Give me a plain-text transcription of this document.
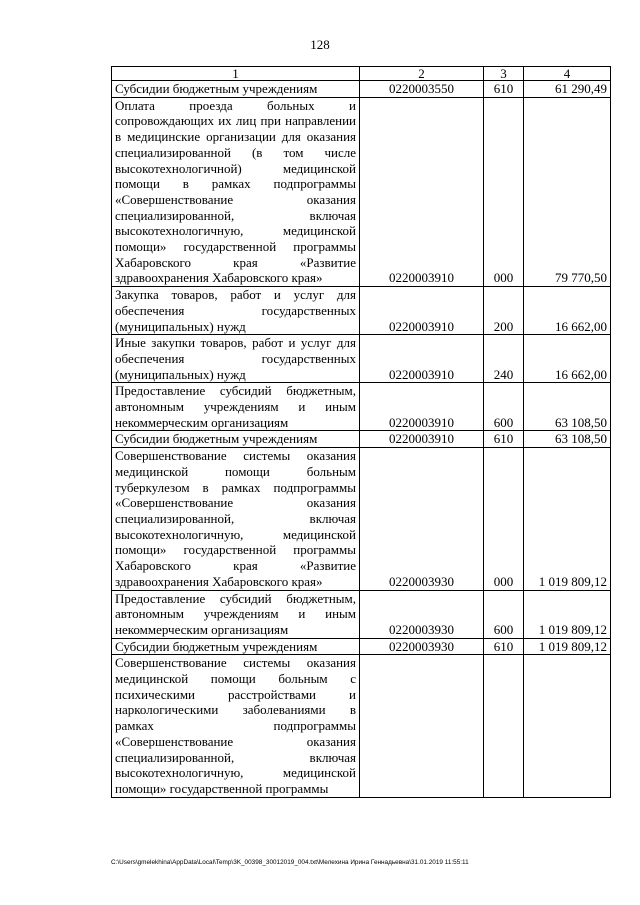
128
1	2	3	4
Субсидии бюджетным учреждениям	0220003550	610	61 290,49
Оплата проезда больных и сопровождающих их лиц при направлении в медицинские организации для оказания специализированной (в том числе высокотехнологичной) медицинской помощи в рамках подпрограммы «Совершенствование оказания специализированной, включая высокотехнологичную, медицинской помощи» государственной программы Хабаровского края «Развитие здравоохранения Хабаровского края»	0220003910	000	79 770,50
Закупка товаров, работ и услуг для обеспечения государственных (муниципальных) нужд	0220003910	200	16 662,00
Иные закупки товаров, работ и услуг для обеспечения государственных (муниципальных) нужд	0220003910	240	16 662,00
Предоставление субсидий бюджетным, автономным учреждениям и иным некоммерческим организациям	0220003910	600	63 108,50
Субсидии бюджетным учреждениям	0220003910	610	63 108,50
Совершенствование системы оказания медицинской помощи больным туберкулезом в рамках подпрограммы «Совершенствование оказания специализированной, включая высокотехнологичную, медицинской помощи» государственной программы Хабаровского края «Развитие здравоохранения Хабаровского края»	0220003930	000	1 019 809,12
Предоставление субсидий бюджетным, автономным учреждениям и иным некоммерческим организациям	0220003930	600	1 019 809,12
Субсидии бюджетным учреждениям	0220003930	610	1 019 809,12
Совершенствование системы оказания медицинской помощи больным с психическими расстройствами и наркологическими заболеваниями в рамках подпрограммы «Совершенствование оказания специализированной, включая высокотехнологичную, медицинской помощи» государственной программы			
C:\Users\gmelekhina\AppData\Local\Temp\3K_00398_30012019_004.txt\Мелехина Ирина Геннадьевна\31.01.2019 11:55:11
